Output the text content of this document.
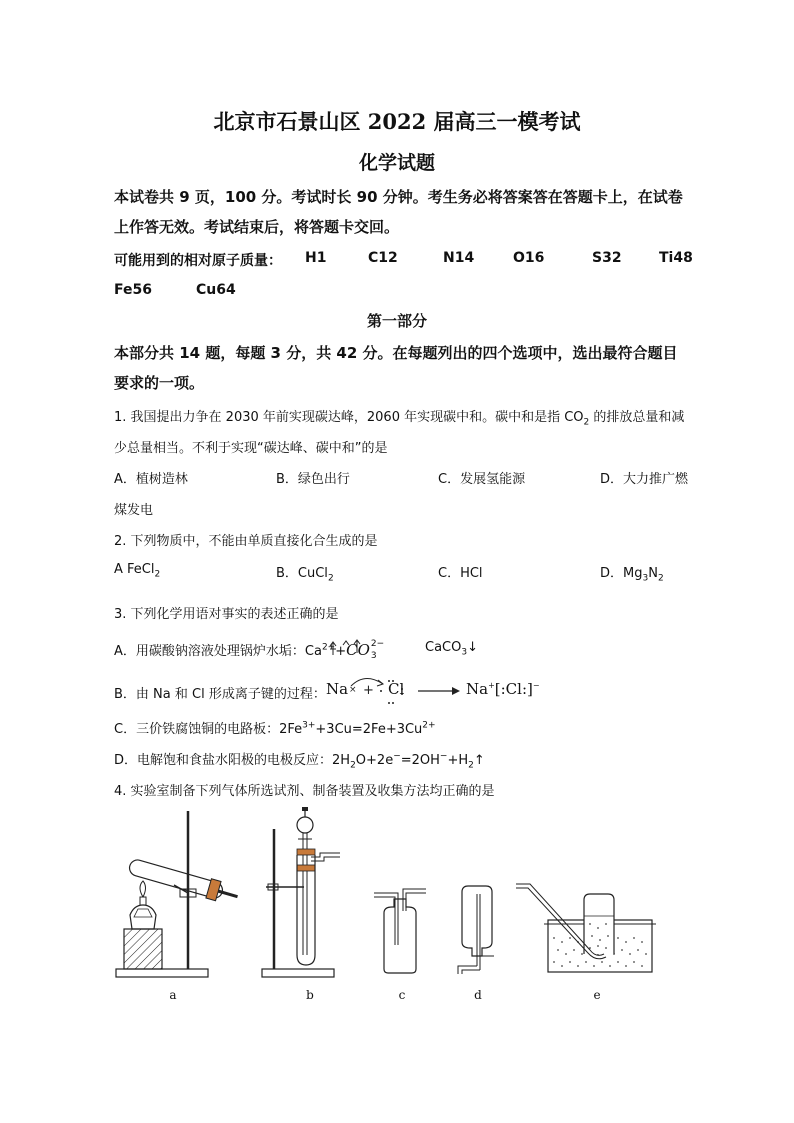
北京市石景山区 2022 届高三一模考试
化学试题
本试卷共 9 页，100 分。考试时长 90 分钟。考生务必将答案答在答题卡上，在试卷
上作答无效。考试结束后，将答题卡交回。
可能用到的相对原子质量： H1	C12	N14	O16	S32	Ti48
Fe56	Cu64
第一部分
本部分共 14 题，每题 3 分，共 42 分。在每题列出的四个选项中，选出最符合题目
要求的一项。
1. 我国提出力争在 2030 年前实现碳达峰，2060 年实现碳中和。碳中和是指 $CO_2$ 的排放总量和减
少总量相当。不利于实现“碳达峰、碳中和”的是
A．植树造林	B．绿色出行	C．发展氢能源	D．大力推广燃
煤发电
2. 下列物质中，不能由单质直接化合生成的是
A FeCl$_2$	B．CuCl$_2$	C．HCl	D．$Mg_3N_2$
3. 下列化学用语对事实的表述正确的是
A．用碳酸钠溶液处理锅炉水垢：$Ca^{2+}+CO$ 2−
3
CaCO$_3$↓
B．由 Na 和 Cl 形成离子键的过程： Na × + Cl	Na+[:Cl:]−
C．三价铁腐蚀铜的电路板：$2Fe^{3+}+3Cu=2Fe+3Cu^{2+}$
D．电解饱和食盐水阳极的电极反应：$2H_2O+2e^-=2OH^-+H_2↑$
4. 实验室制备下列气体所选试剂、制备装置及收集方法均正确的是
a	b	c	d	e
